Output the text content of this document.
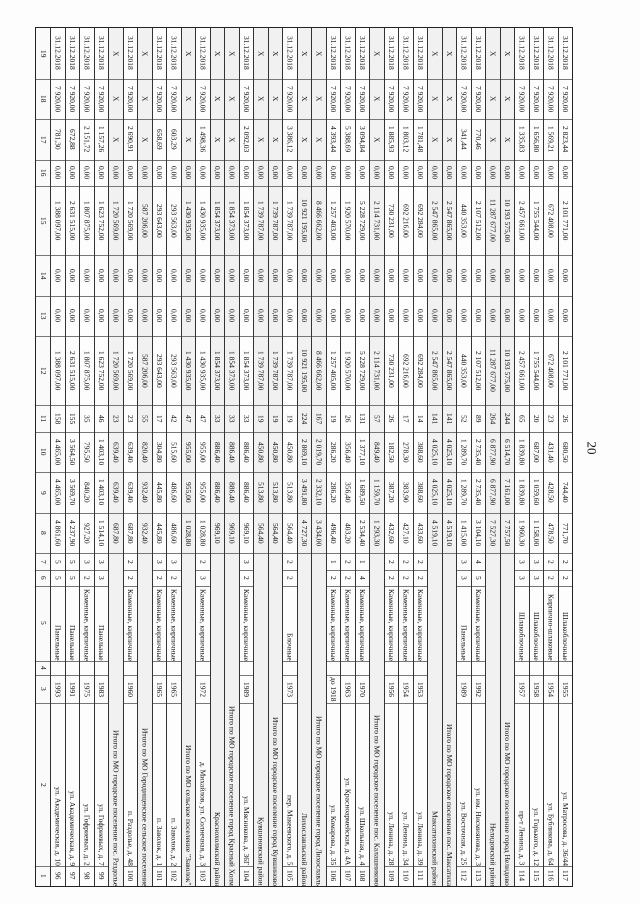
20
1
2
3
4
5
6
7
8
9
10
11
12
13
14
15
16
17
18
19
96
ул. Академическая, д. 10
1993
Панельные
5
5
4 861,60
4 465,00
4 465,00
158
1 388 097,00
0,00
0,00
1 388 097,00
0,00
781,30
7 920,00
31.12.2018
97
ул. Академическая, д. 9
1991
Панельные
5
5
4 237,90
3 569,70
3 564,50
155
2 631 515,00
0,00
0,00
2 631 515,00
0,00
672,88
7 920,00
31.12.2018
98
ул. Гофриевых, д. 2
1975
Каменные, кирпичные
2
3
927,20
840,20
795,50
35
1 807 875,00
0,00
0,00
1 807 875,00
0,00
2 151,72
7 920,00
31.12.2018
99
ул. Гофриевых, д. 7
1983
Панельные
3
3
1 514,10
1 403,10
1 403,10
46
1 623 752,00
0,00
0,00
1 623 752,00
0,00
1 157,26
7 920,00
31.12.2018
Итого по МО городское поселение пос. Раздолье
687,80
639,40
639,40
23
1 720 569,00
0,00
0,00
1 720 569,00
0,00
X
X
X
100
п. Раздолье, д. 48
1960
Каменные, кирпичные
2
2
687,80
639,40
639,40
23
1 720 569,00
0,00
0,00
1 720 569,00
0,00
2 690,91
7 920,00
31.12.2018
Итого по МО Городищенское сельское поселение
932,40
932,40
820,40
55
587 206,00
0,00
0,00
587 206,00
0,00
X
X
X
101
п. Заволок, д. 1
1965
Каменные, кирпичные
2
3
445,80
445,80
304,80
17
293 643,00
0,00
0,00
293 643,00
0,00
658,69
7 920,00
31.12.2018
102
п. Заволок, д. 2
1965
Каменные, кирпичные
2
3
486,60
486,60
515,60
42
293 563,00
0,00
0,00
293 563,00
0,00
603,29
7 920,00
31.12.2018
Итого по МО сельское поселение "Заволок"
1 028,80
955,00
955,00
47
1 430 935,00
0,00
0,00
1 430 935,00
0,00
X
X
X
103
д. Михайлов, ул. Солнечная, д. 3
1972
Каменные, кирпичные
3
2
1 028,80
955,00
955,00
47
1 430 935,00
0,00
0,00
1 430 935,00
0,00
1 498,36
7 920,00
31.12.2018
Краснохолмский район
969,10
886,40
886,40
33
1 854 373,00
0,00
0,00
1 854 373,00
0,00
X
X
X
Итого по МО городское поселение город Красный Холм
969,10
886,40
886,40
33
1 854 373,00
0,00
0,00
1 854 373,00
0,00
X
X
X
104
ул. Мясникова, д. 36Г
1989
Каменные, кирпичные
2
3
969,10
886,40
886,40
33
1 854 373,00
0,00
0,00
1 854 373,00
0,00
2 092,03
7 920,00
31.12.2018
Кувшиновский район
564,40
513,80
450,80
19
1 739 787,00
0,00
0,00
1 739 787,00
0,00
X
X
X
Итого по МО городское поселение город Кувшиново
564,40
513,80
450,80
19
1 739 787,00
0,00
0,00
1 739 787,00
0,00
X
X
X
105
пер. Макеевского, д. 5
1973
Блочные
2
2
564,40
513,80
450,80
19
1 739 787,00
0,00
0,00
1 739 787,00
0,00
3 386,12
7 920,00
31.12.2018
Лихославльский район
4 727,30
3 491,80
2 869,10
224
10 921 195,00
0,00
0,00
10 921 195,00
0,00
X
X
X
Итого по МО городское поселение город Лихославль
3 434,00
2 332,10
2 019,70
167
8 466 662,00
0,00
0,00
8 466 662,00
0,00
X
X
X
106
ул. Комарова, д. 35
до 1918
Каменные, кирпичные
2
1
496,40
286,20
286,20
19
1 257 405,00
0,00
0,00
1 257 403,00
0,00
4 393,44
7 920,00
31.12.2018
107
ул. Красноармейская, д. 4А
1963
Каменные, кирпичные
2
2
403,20
356,40
356,40
26
1 920 570,00
0,00
0,00
1 920 570,00
0,00
5 388,69
7 920,00
31.12.2018
108
ул. Школьная, д. 4
1970
Каменные, кирпичные
4
1
2 534,40
1 689,50
1 377,10
131
5 228 729,00
0,00
0,00
5 228 729,00
0,00
3 094,84
7 920,00
31.12.2018
Итого по МО городское поселение пос. Калашниково
1 293,30
1 159,70
849,40
57
2 114 731,00
0,00
0,00
2 114 731,00
0,00
X
X
X
109
ул. Ленина, д. 28
1956
Каменные, кирпичные
2
2
432,60
387,20
182,50
26
730 231,00
0,00
0,00
730 231,00
0,00
1 885,93
7 920,00
31.12.2018
110
ул. Ленина, д. 34
1954
Каменные, кирпичные
2
2
427,10
383,90
278,30
17
692 216,00
0,00
0,00
692 216,00
0,00
1 803,12
7 920,00
31.12.2018
111
ул. Ленина, д. 39
1953
Каменные, кирпичные
2
2
433,60
388,60
388,60
14
692 284,00
0,00
0,00
692 284,00
0,00
1 781,48
7 920,00
31.12.2018
Максатихинский район
4 519,10
4 025,10
4 025,10
141
2 547 865,00
0,00
0,00
2 547 865,00
0,00
X
X
X
Итого по МО городское поселение пос. Максатиха
4 519,10
4 025,10
4 025,10
141
2 547 865,00
0,00
0,00
2 547 865,00
0,00
X
X
X
112
ул. Восточная, д. 25
1989
Панельные
3
3
1 415,00
1 289,70
1 289,70
52
440 353,00
0,00
0,00
440 353,00
0,00
341,44
7 920,00
31.12.2018
113
ул. им. Нисмиянова, д. 3
1992
Каменные, кирпичные
5
4
3 104,10
2 735,40
2 735,40
89
2 107 512,00
0,00
0,00
2 107 512,00
0,00
770,46
7 920,00
31.12.2018
Нелидовский район
7 527,30
6 877,90
6 877,90
264
11 287 677,00
0,00
0,00
11 287 677,00
0,00
X
X
X
Итого по МО городское поселение город Нелидово
7 757,50
7 161,00
6 514,70
244
10 193 575,00
0,00
0,00
10 193 575,00
0,00
X
X
X
114
пр-т Ленина, д. 3
1957
Шлакоблочные
3
3
1 960,30
1 839,80
1 839,80
65
2 457 661,00
0,00
0,00
2 457 661,00
0,00
1 335,83
7 920,00
31.12.2018
115
ул. Горького, д. 12
1958
Шлакоблочные
3
3
1 158,00
1 059,60
687,00
20
1 755 544,00
0,00
0,00
1 755 544,00
0,00
1 656,80
7 920,00
31.12.2018
116
ул. Бубликова, д. 64
1954
Кирпично-шлаковые
2
2
478,50
428,50
431,40
23
672 408,00
0,00
0,00
672 408,00
0,00
1 569,21
7 920,00
31.12.2018
117
ул. Матросова, д. 36/44
1955
Шлакоблочные
2
2
771,70
744,40
680,50
26
2 101 771,00
0,00
0,00
2 101 771,00
0,00
2 823,44
7 920,00
31.12.2018
